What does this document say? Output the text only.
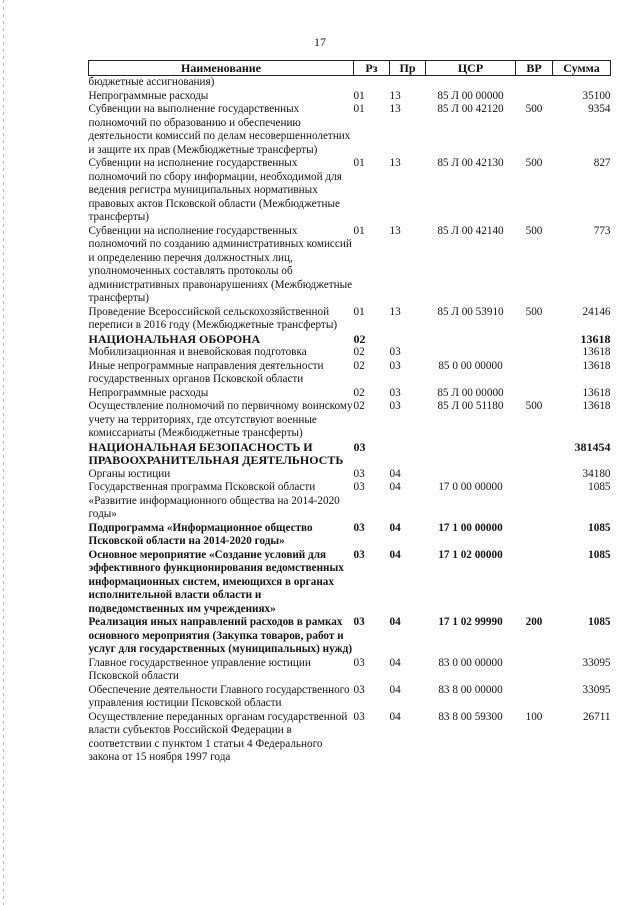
17
Наименование	Рз	Пр	ЦСР	ВР	Сумма
бюджетные ассигнования)					
Непрограммные расходы	01	13	85 Л 00 00000		35100
Субвенции на выполнение государственных полномочий по образованию и обеспечению деятельности комиссий по делам несовершеннолетних и защите их прав (Межбюджетные трансферты)	01	13	85 Л 00 42120	500	9354
Субвенции на исполнение государственных полномочий по сбору информации, необходимой для ведения регистра муниципальных нормативных правовых актов Псковской области (Межбюджетные трансферты)	01	13	85 Л 00 42130	500	827
Субвенции на исполнение государственных полномочий по созданию административных комиссий и определению перечня должностных лиц, уполномоченных составлять протоколы об административных правонарушениях (Межбюджетные трансферты)	01	13	85 Л 00 42140	500	773
Проведение Всероссийской сельскохозяйственной переписи в 2016 году (Межбюджетные трансферты)	01	13	85 Л 00 53910	500	24146
НАЦИОНАЛЬНАЯ ОБОРОНА	02				13618
Мобилизационная и вневойсковая подготовка	02	03			13618
Иные непрограммные направления деятельности государственных органов Псковской области	02	03	85 0 00 00000		13618
Непрограммные расходы	02	03	85 Л 00 00000		13618
Осуществление полномочий по первичному воинскому учету на территориях, где отсутствуют военные комиссариаты (Межбюджетные трансферты)	02	03	85 Л 00 51180	500	13618
НАЦИОНАЛЬНАЯ БЕЗОПАСНОСТЬ И ПРАВООХРАНИТЕЛЬНАЯ ДЕЯТЕЛЬНОСТЬ	03				381454
Органы юстиции	03	04			34180
Государственная программа Псковской области «Развитие информационного общества на 2014-2020 годы»	03	04	17 0 00 00000		1085
Подпрограмма «Информационное общество Псковской области на 2014-2020 годы»	03	04	17 1 00 00000		1085
Основное мероприятие «Создание условий для эффективного функционирования ведомственных информационных систем, имеющихся в органах исполнительной власти области и подведомственных им учреждениях»	03	04	17 1 02 00000		1085
Реализация иных направлений расходов в рамках основного мероприятия (Закупка товаров, работ и услуг для государственных (муниципальных) нужд)	03	04	17 1 02 99990	200	1085
Главное государственное управление юстиции Псковской области	03	04	83 0 00 00000		33095
Обеспечение деятельности Главного государственного управления юстиции Псковской области	03	04	83 8 00 00000		33095
Осуществление переданных органам государственной власти субъектов Российской Федерации в соответствии с пунктом 1 статьи 4 Федерального закона от 15 ноября 1997 года	03	04	83 8 00 59300	100	26711
